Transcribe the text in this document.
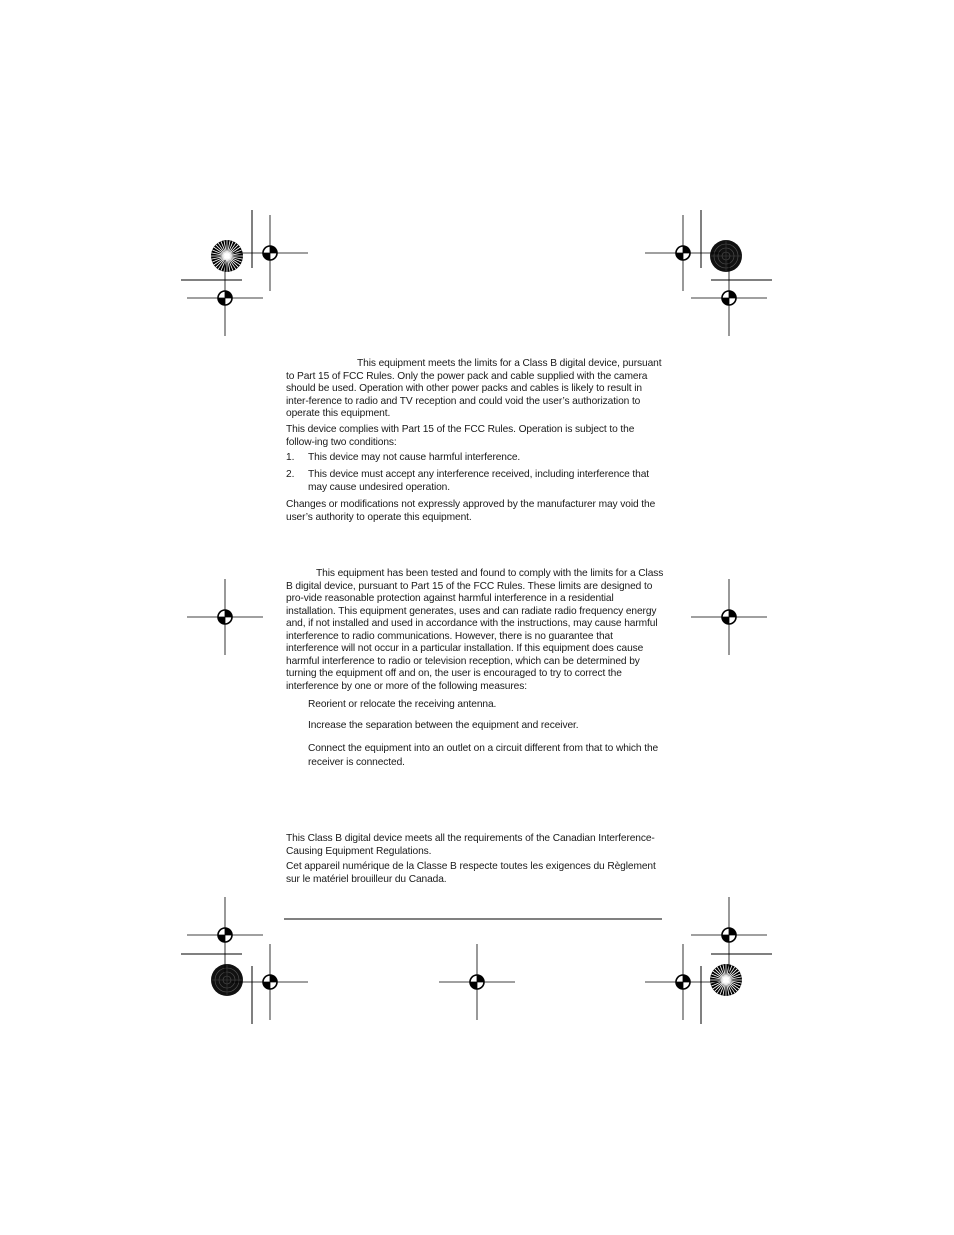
This equipment meets the limits for a Class B digital device, pursuant to Part 15 of FCC Rules. Only the power pack and cable supplied with the camera should be used. Operation with other power packs and cables is likely to result in inter-ference to radio and TV reception and could void the user’s authorization to operate this equipment.

This device complies with Part 15 of the FCC Rules. Operation is subject to the follow-ing two conditions:

1. This device may not cause harmful interference.
2. This device must accept any interference received, including interference that may cause undesired operation.

Changes or modifications not expressly approved by the manufacturer may void the user’s authority to operate this equipment.

This equipment has been tested and found to comply with the limits for a Class B digital device, pursuant to Part 15 of the FCC Rules. These limits are designed to pro-vide reasonable protection against harmful interference in a residential installation. This equipment generates, uses and can radiate radio frequency energy and, if not installed and used in accordance with the instructions, may cause harmful interference to radio communications. However, there is no guarantee that interference will not occur in a particular installation. If this equipment does cause harmful interference to radio or television reception, which can be determined by turning the equipment off and on, the user is encouraged to try to correct the interference by one or more of the following measures:

Reorient or relocate the receiving antenna.
Increase the separation between the equipment and receiver.
Connect the equipment into an outlet on a circuit different from that to which the receiver is connected.

This Class B digital device meets all the requirements of the Canadian Interference-Causing Equipment Regulations.

Cet appareil numérique de la Classe B respecte toutes les exigences du Règlement sur le matériel brouilleur du Canada.
